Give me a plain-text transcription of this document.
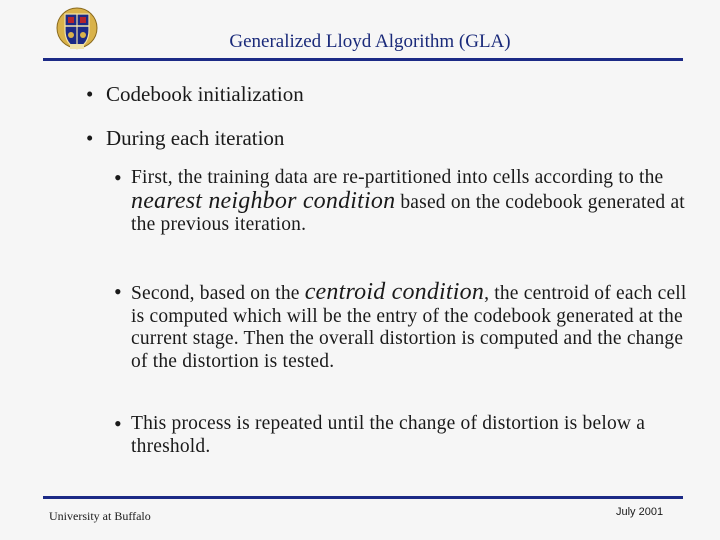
Generalized Lloyd Algorithm (GLA)
• Codebook initialization
• During each iteration
• First, the training data are re-partitioned into cells according to the nearest neighbor condition based on the codebook generated at the previous iteration.
• Second, based on the centroid condition, the centroid of each cell is computed which will be the entry of the codebook generated at the current stage. Then the overall distortion is computed and the change of the distortion is tested.
• This process is repeated until the change of distortion is below a threshold.
University at Buffalo	July 2001
